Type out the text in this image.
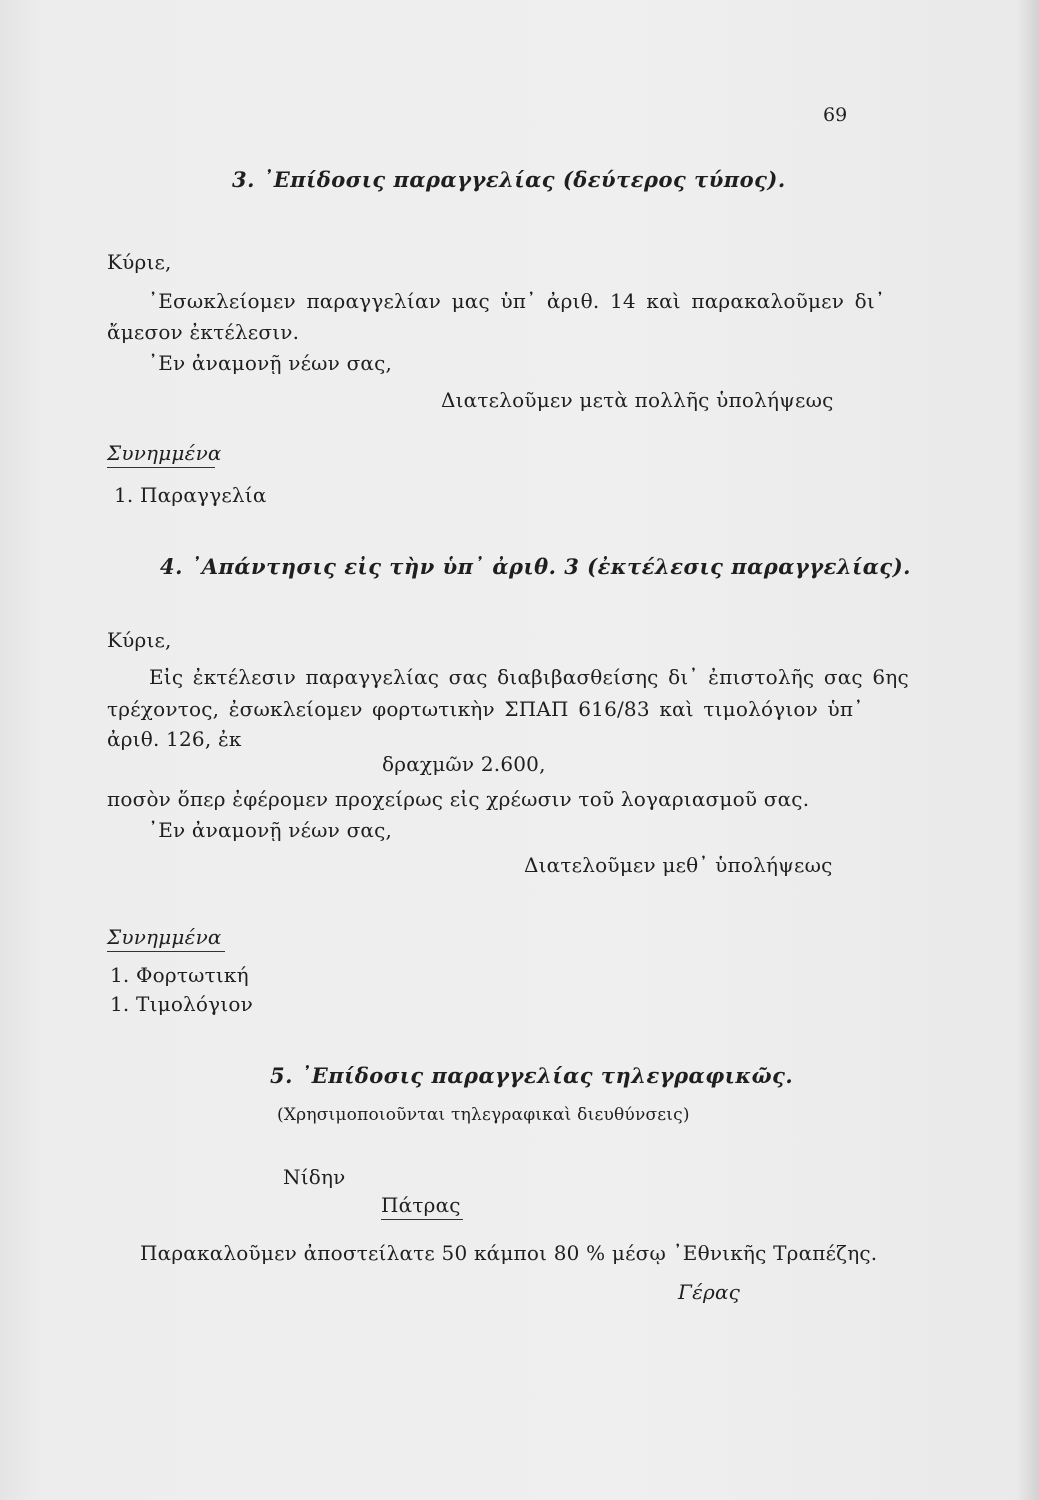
69
3. ᾿Επίδοσις παραγγελίας (δεύτερος τύπος).
Κύριε,
᾿Εσωκλείομεν παραγγελίαν μας ὑπ᾿ ἀριθ. 14 καὶ παρακαλοῦμεν δι᾿
ἄμεσον ἐκτέλεσιν.
᾿Εν ἀναμονῇ νέων σας,
Διατελοῦμεν μετὰ πολλῆς ὑπολήψεως
Συνημμένα
1. Παραγγελία
4. ᾿Απάντησις εἰς τὴν ὑπ᾿ ἀριθ. 3 (ἐκτέλεσις παραγγελίας).
Κύριε,
Εἰς ἐκτέλεσιν παραγγελίας σας διαβιβασθείσης δι᾿ ἐπιστολῆς σας 6ης
τρέχοντος, ἐσωκλείομεν φορτωτικὴν ΣΠΑΠ 616/83 καὶ τιμολόγιον ὑπ᾿
ἀριθ. 126, ἐκ
δραχμῶν 2.600,
ποσὸν ὅπερ ἐφέρομεν προχείρως εἰς χρέωσιν τοῦ λογαριασμοῦ σας.
᾿Εν ἀναμονῇ νέων σας,
Διατελοῦμεν μεθ᾿ ὑπολήψεως
Συνημμένα
1. Φορτωτική
1. Τιμολόγιον
5. ᾿Επίδοσις παραγγελίας τηλεγραφικῶς.
(Χρησιμοποιοῦνται τηλεγραφικαὶ διευθύνσεις)
Νίδην
Πάτρας
Παρακαλοῦμεν ἀποστείλατε 50 κάμποι 80 % μέσῳ ᾿Εθνικῆς Τραπέζης.
Γέρας
